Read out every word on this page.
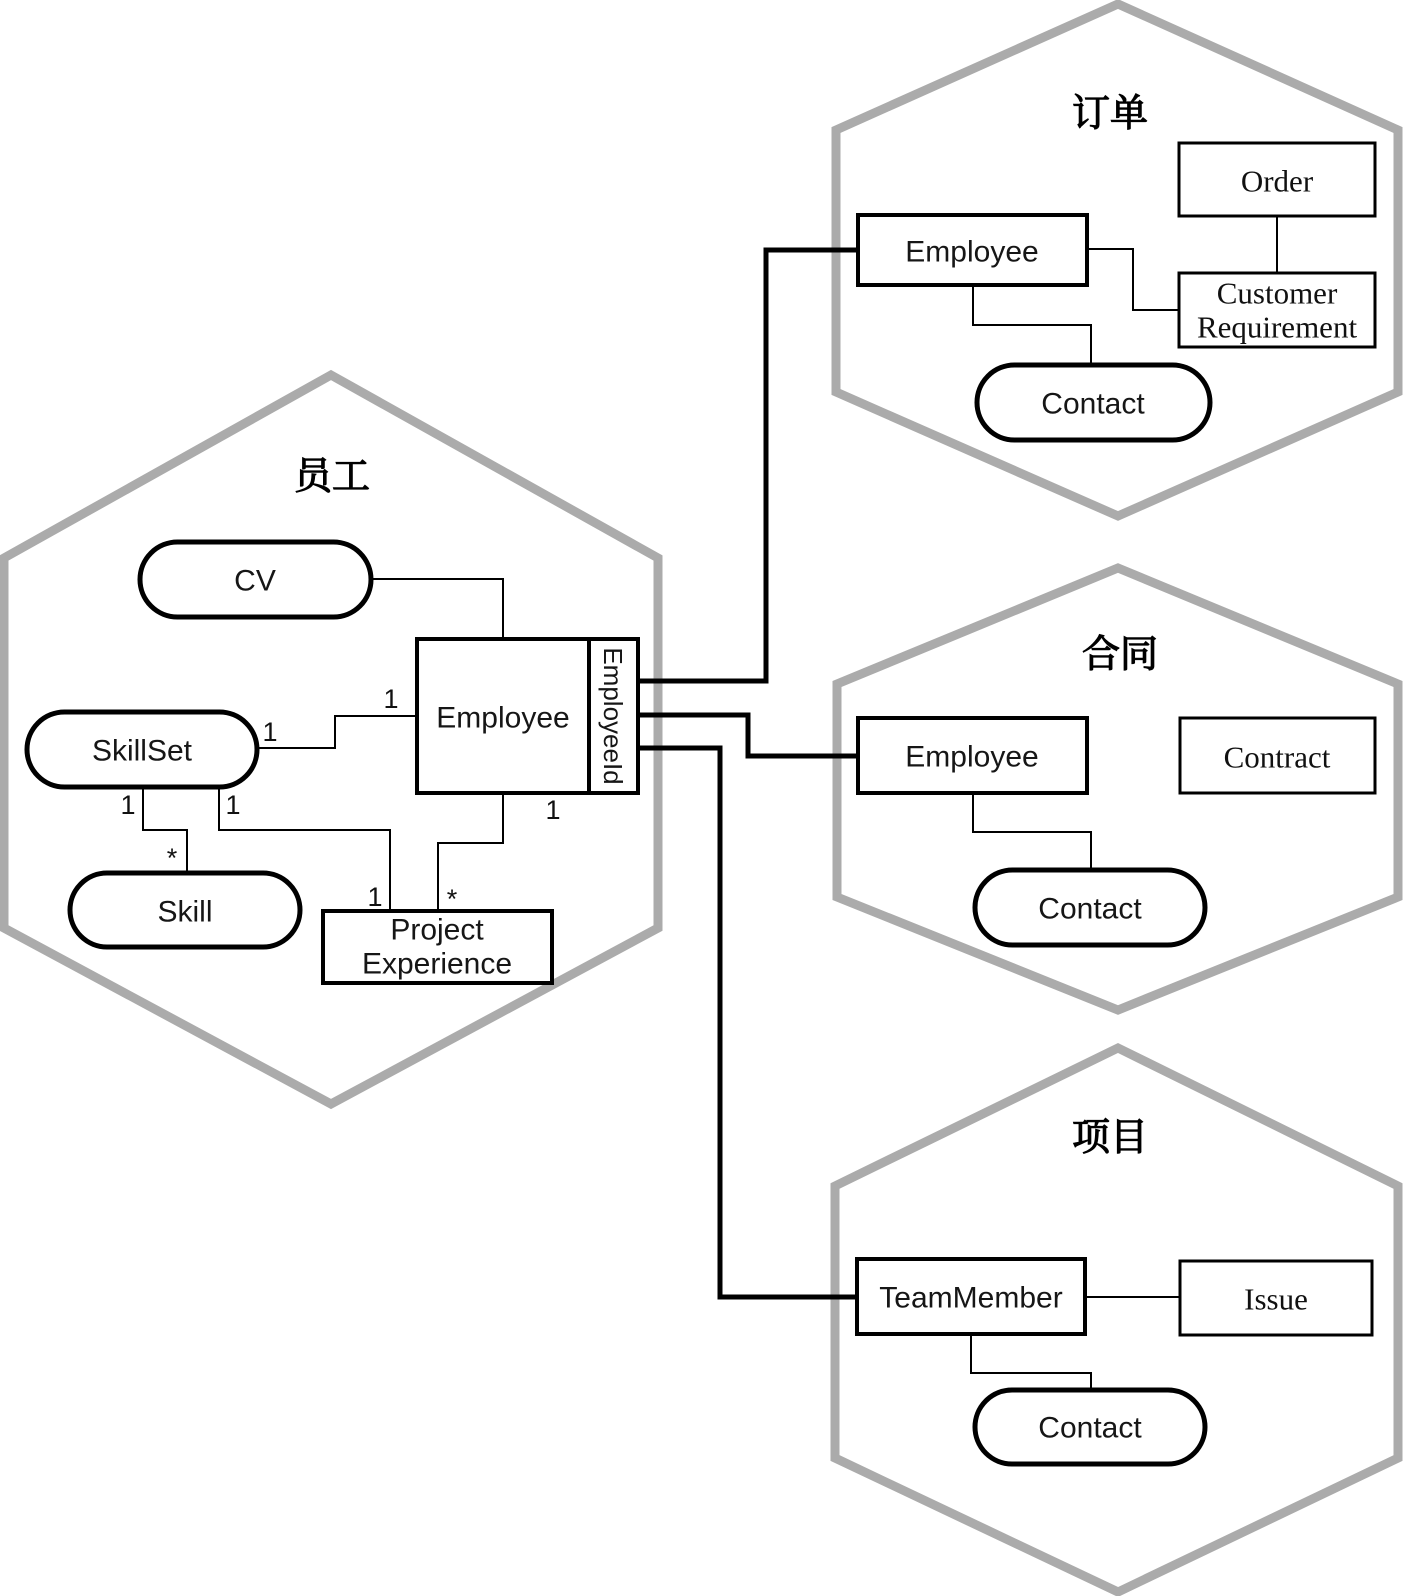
员工
订单
合同
项目
CV
SkillSet
Skill
Project
Experience
Employee EmployeeId
1
1
1
*
1
1
1
*
Employee
Order
Customer
Requirement
Contact
Employee	Contract
Contact
TeamMember	Issue
Contact
